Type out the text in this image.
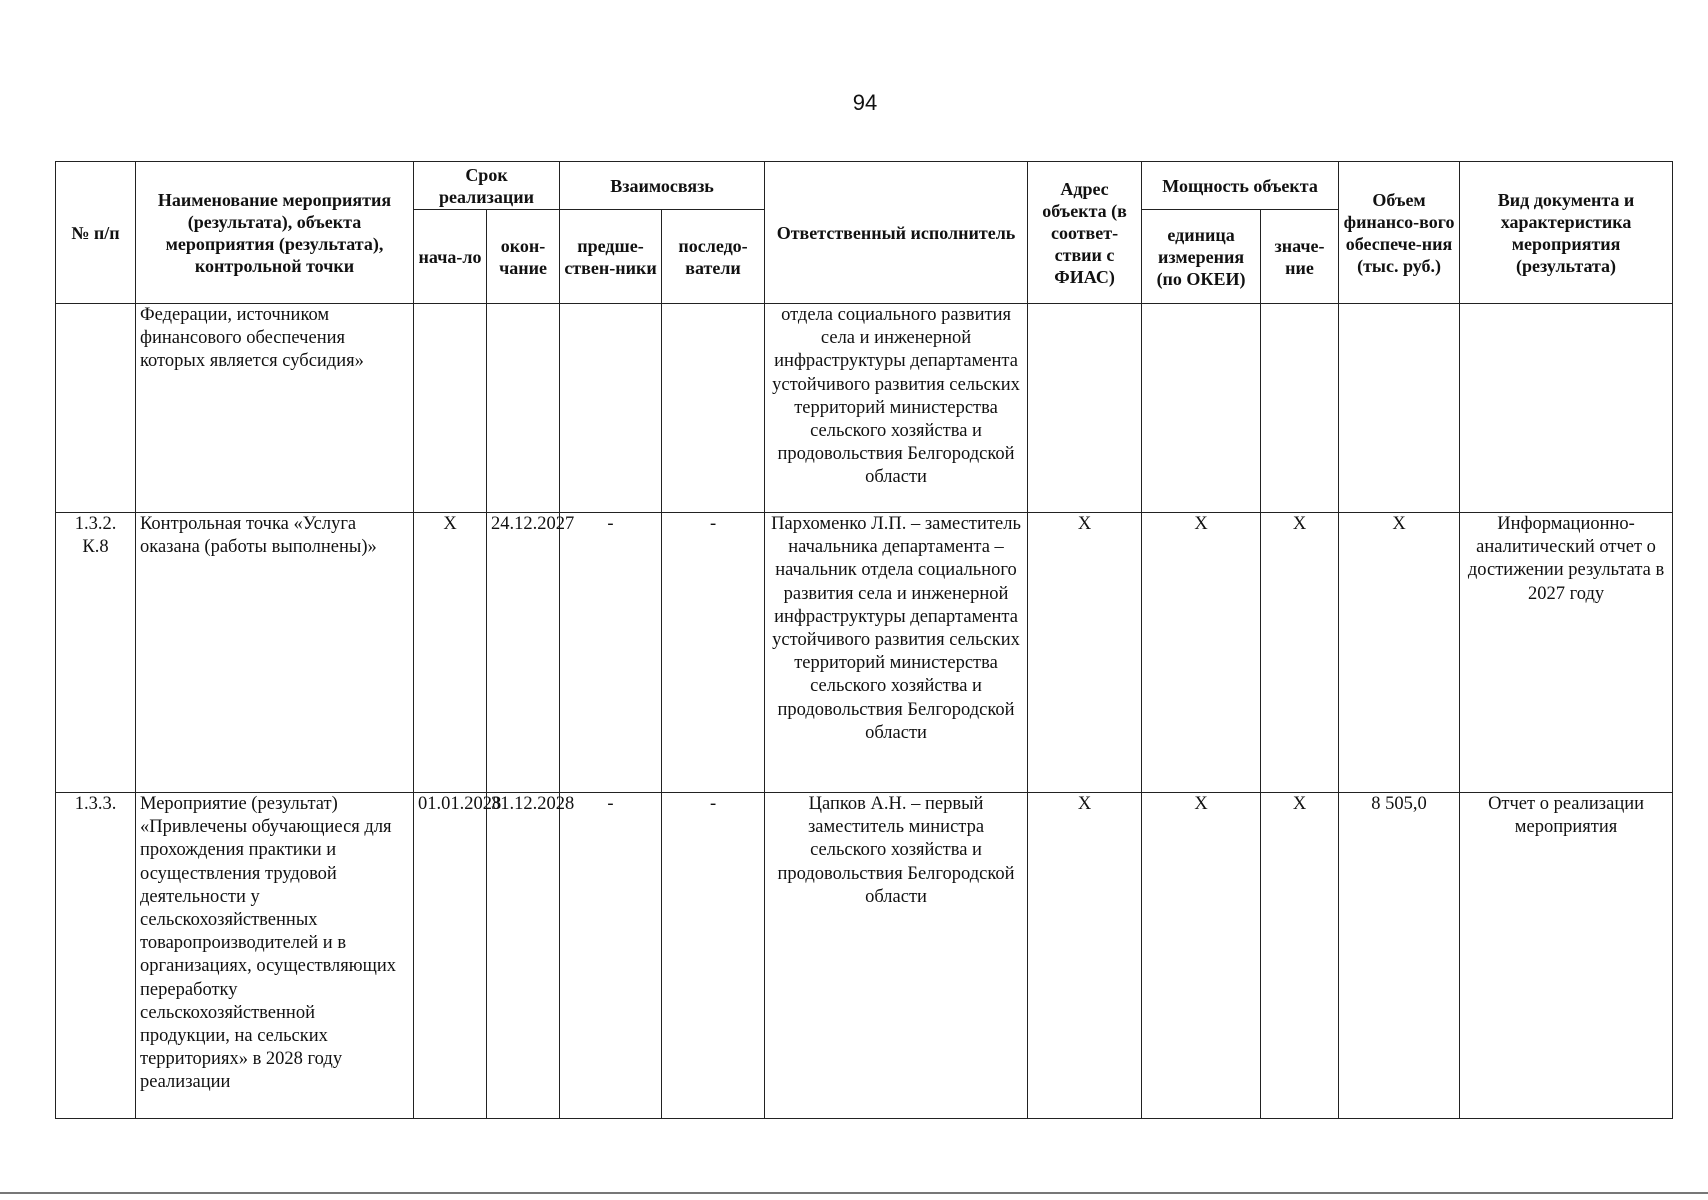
94
№ п/п	Наименование мероприятия (результата), объекта мероприятия (результата), контрольной точки	Срок реализации		Взаимосвязь		Ответственный исполнитель	Адрес объекта (в соответ-ствии с ФИАС)	Мощность объекта		Объем финансо-вого обеспече-ния (тыс. руб.)	Вид документа и характеристика мероприятия (результата)
		нача-ло	окон-чание	предше-ствен-ники	последо-ватели			единица измерения (по ОКЕИ)	значе-ние		
	Федерации, источником финансового обеспечения которых является субсидия»					отдела социального развития села и инженерной инфраструктуры департамента устойчивого развития сельских территорий министерства сельского хозяйства и продовольствия Белгородской области					
1.3.2. К.8	Контрольная точка «Услуга оказана (работы выполнены)»	X	24.12.2027	-	-	Пархоменко Л.П. – заместитель начальника департамента – начальник отдела социального развития села и инженерной инфраструктуры департамента устойчивого развития сельских территорий министерства сельского хозяйства и продовольствия Белгородской области	X	X	X	X	Информационно-аналитический отчет о достижении результата в 2027 году
1.3.3.	Мероприятие (результат) «Привлечены обучающиеся для прохождения практики и осуществления трудовой деятельности у сельскохозяйственных товаропроизводителей и в организациях, осуществляющих переработку сельскохозяйственной продукции, на сельских территориях» в 2028 году реализации	01.01.2028	31.12.2028	-	-	Цапков А.Н. – первый заместитель министра сельского хозяйства и продовольствия Белгородской области	X	X	X	8 505,0	Отчет о реализации мероприятия
